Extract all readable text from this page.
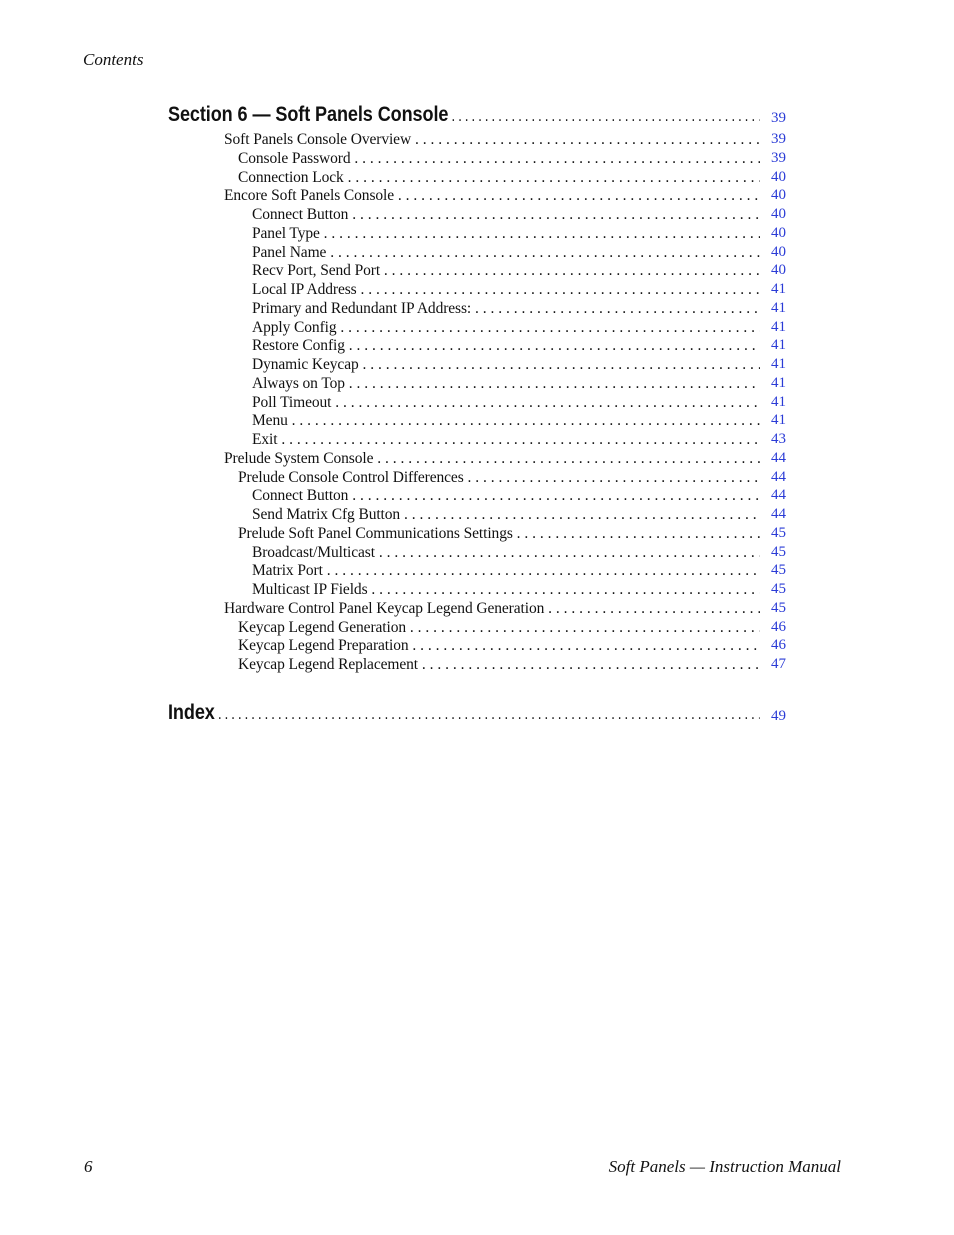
Contents
Section 6 — Soft Panels Console . . .	39
Soft Panels Console Overview . . .	39
Console Password . . .	39
Connection Lock . . .	40
Encore Soft Panels Console . . .	40
Connect Button . . .	40
Panel Type . . .	40
Panel Name . . .	40
Recv Port, Send Port . . .	40
Local IP Address . . .	41
Primary and Redundant IP Address: . . .	41
Apply Config . . .	41
Restore Config . . .	41
Dynamic Keycap . . .	41
Always on Top . . .	41
Poll Timeout . . .	41
Menu . . .	41
Exit . . .	43
Prelude System Console . . .	44
Prelude Console Control Differences . . .	44
Connect Button . . .	44
Send Matrix Cfg Button . . .	44
Prelude Soft Panel Communications Settings . . .	45
Broadcast/Multicast . . .	45
Matrix Port . . .	45
Multicast IP Fields . . .	45
Hardware Control Panel Keycap Legend Generation . . .	45
Keycap Legend Generation . . .	46
Keycap Legend Preparation . . .	46
Keycap Legend Replacement . . .	47
Index . . .	49
6	Soft Panels — Instruction Manual
